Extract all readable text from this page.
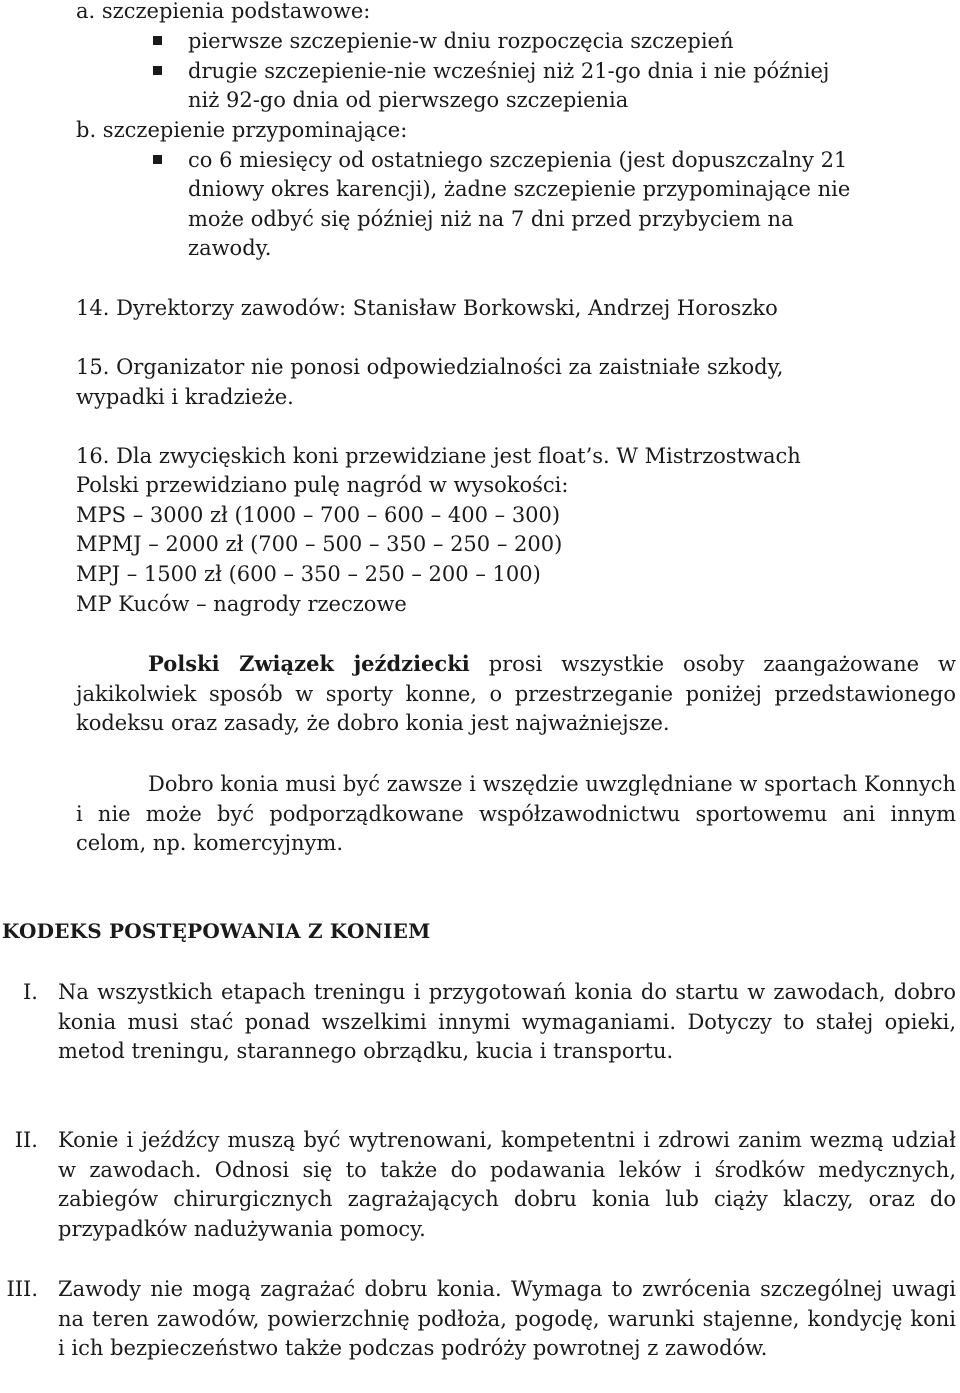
a. szczepienia podstawowe:
pierwsze szczepienie-w dniu rozpoczęcia szczepień
drugie szczepienie-nie wcześniej niż 21-go dnia i nie później
niż 92-go dnia od pierwszego szczepienia
b. szczepienie przypominające:
co 6 miesięcy od ostatniego szczepienia (jest dopuszczalny 21
dniowy okres karencji), żadne szczepienie przypominające nie
może odbyć się później niż na 7 dni przed przybyciem na
zawody.
14. Dyrektorzy zawodów: Stanisław Borkowski, Andrzej Horoszko
15. Organizator nie ponosi odpowiedzialności za zaistniałe szkody,
wypadki i kradzieże.
16. Dla zwycięskich koni przewidziane jest float’s. W Mistrzostwach
Polski przewidziano pulę nagród w wysokości:
MPS – 3000 zł (1000 – 700 – 600 – 400 – 300)
MPMJ – 2000 zł (700 – 500 – 350 – 250 – 200)
MPJ – 1500 zł (600 – 350 – 250 – 200 – 100)
MP Kuców – nagrody rzeczowe
Polski Związek jeździecki prosi wszystkie osoby zaangażowane w jakikolwiek sposób w sporty konne, o przestrzeganie poniżej przedstawionego kodeksu oraz zasady, że dobro konia jest najważniejsze.
Dobro konia musi być zawsze i wszędzie uwzględniane w sportach Konnych i nie może być podporządkowane współzawodnictwu sportowemu ani innym celom, np. komercyjnym.
KODEKS POSTĘPOWANIA Z KONIEM
I. Na wszystkich etapach treningu i przygotowań konia do startu w zawodach, dobro konia musi stać ponad wszelkimi innymi wymaganiami. Dotyczy to stałej opieki, metod treningu, starannego obrządku, kucia i transportu.
II. Konie i jeźdźcy muszą być wytrenowani, kompetentni i zdrowi zanim wezmą udział w zawodach. Odnosi się to także do podawania leków i środków medycznych, zabiegów chirurgicznych zagrażających dobru konia lub ciąży klaczy, oraz do przypadków nadużywania pomocy.
III. Zawody nie mogą zagrażać dobru konia. Wymaga to zwrócenia szczególnej uwagi na teren zawodów, powierzchnię podłoża, pogodę, warunki stajenne, kondycję koni i ich bezpieczeństwo także podczas podróży powrotnej z zawodów.
